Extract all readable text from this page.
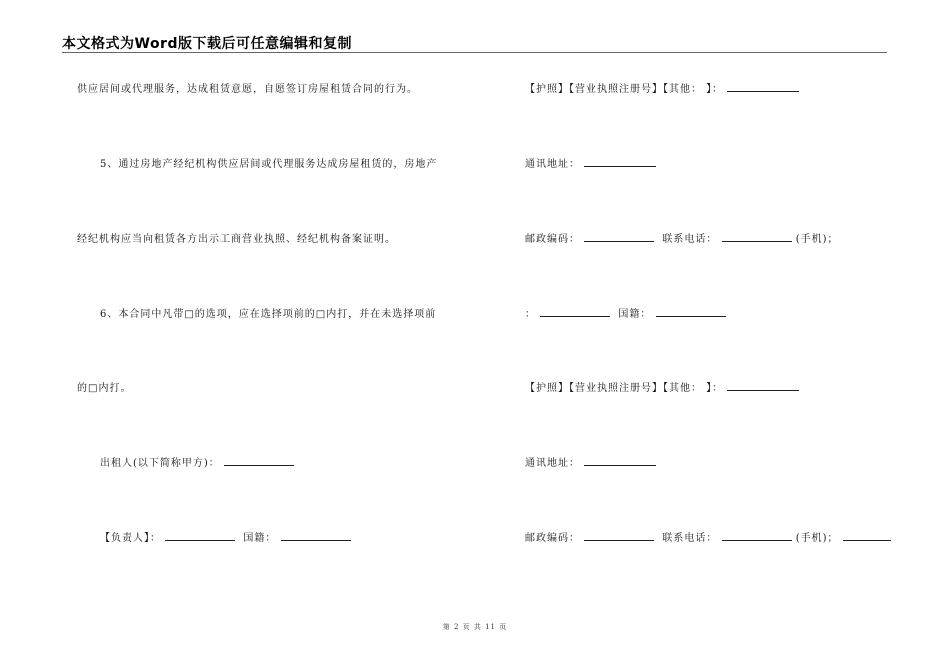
本文格式为Word版下载后可任意编辑和复制
供应居间或代理服务，达成租赁意愿，自愿签订房屋租赁合同的行为。
5、通过房地产经纪机构供应居间或代理服务达成房屋租赁的，房地产
经纪机构应当向租赁各方出示工商营业执照、经纪机构备案证明。
6、本合同中凡带□的选项，应在选择项前的□内打，并在未选择项前
的□内打。
出租人(以下简称甲方)：
【负责人】：	国籍：
【护照】【营业执照注册号】【其他： 】：
通讯地址：
邮政编码：	联系电话：	(手机)；
：	国籍：
【护照】【营业执照注册号】【其他： 】：
通讯地址：
邮政编码：	联系电话：	(手机)；
第 2 页 共 11 页
